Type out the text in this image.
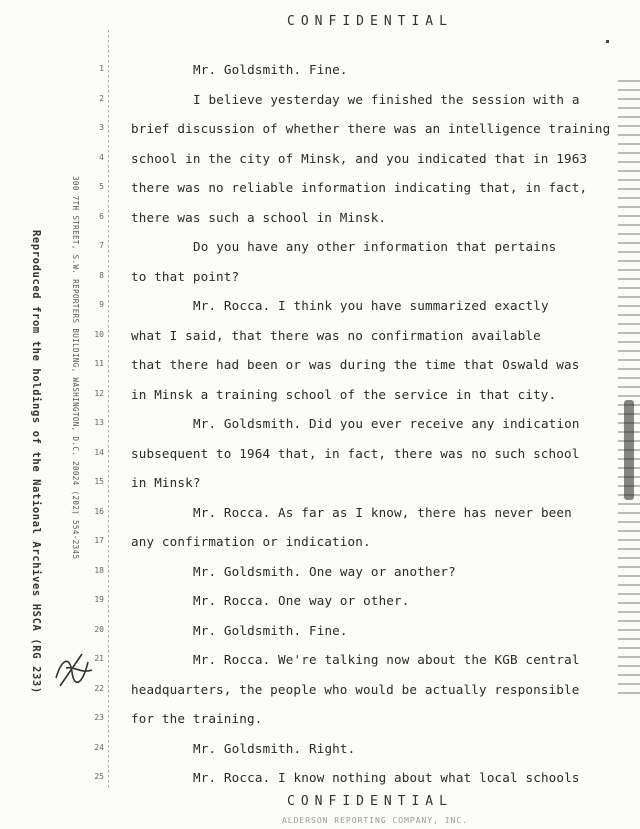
CONFIDENTIAL
Reproduced from the holdings of the National Archives HSCA (RG 233)	300 7TH STREET, S.W. REPORTERS BUILDING, WASHINGTON, D.C. 20024 (202) 554-2345
1	Mr. Goldsmith. Fine.
2	I believe yesterday we finished the session with a
3 brief discussion of whether there was an intelligence training
4 school in the city of Minsk, and you indicated that in 1963
5 there was no reliable information indicating that, in fact,
6 there was such a school in Minsk.
7	Do you have any other information that pertains
8 to that point?
9	Mr. Rocca. I think you have summarized exactly
10 what I said, that there was no confirmation available
11 that there had been or was during the time that Oswald was
12 in Minsk a training school of the service in that city.
13	Mr. Goldsmith. Did you ever receive any indication
14 subsequent to 1964 that, in fact, there was no such school
15 in Minsk?
16	Mr. Rocca. As far as I know, there has never been
17 any confirmation or indication.
18	Mr. Goldsmith. One way or another?
19	Mr. Rocca. One way or other.
20	Mr. Goldsmith. Fine.
21	Mr. Rocca. We're talking now about the KGB central
22 headquarters, the people who would be actually responsible
23 for the training.
24	Mr. Goldsmith. Right.
25	Mr. Rocca. I know nothing about what local schools
CONFIDENTIAL
ALDERSON REPORTING COMPANY, INC.
